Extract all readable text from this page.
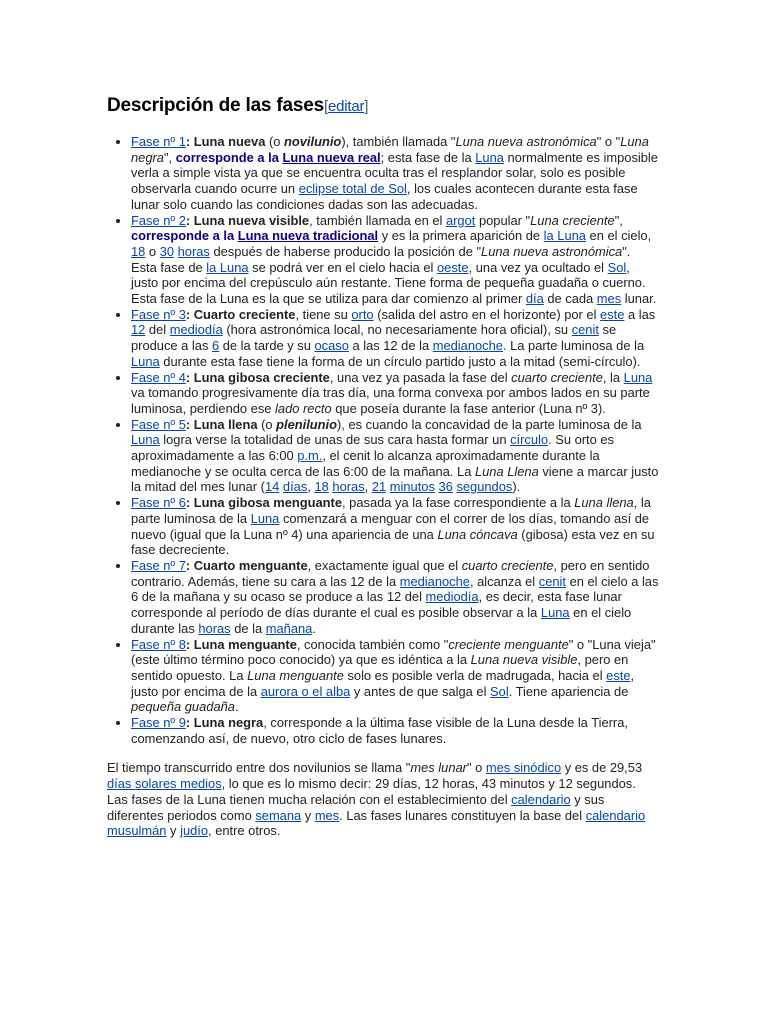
Descripción de las fases[editar]
• Fase nº 1: Luna nueva (o novilunio), también llamada "Luna nueva astronómica" o "Luna negra", corresponde a la Luna nueva real; esta fase de la Luna normalmente es imposible verla a simple vista ya que se encuentra oculta tras el resplandor solar, solo es posible observarla cuando ocurre un eclipse total de Sol, los cuales acontecen durante esta fase lunar solo cuando las condiciones dadas son las adecuadas.
• Fase nº 2: Luna nueva visible, también llamada en el argot popular "Luna creciente", corresponde a la Luna nueva tradicional y es la primera aparición de la Luna en el cielo, 18 o 30 horas después de haberse producido la posición de "Luna nueva astronómica". Esta fase de la Luna se podrá ver en el cielo hacia el oeste, una vez ya ocultado el Sol, justo por encima del crepúsculo aún restante. Tiene forma de pequeña guadaña o cuerno. Esta fase de la Luna es la que se utiliza para dar comienzo al primer día de cada mes lunar.
• Fase nº 3: Cuarto creciente, tiene su orto (salida del astro en el horizonte) por el este a las 12 del mediodía (hora astronómica local, no necesariamente hora oficial), su cenit se produce a las 6 de la tarde y su ocaso a las 12 de la medianoche. La parte luminosa de la Luna durante esta fase tiene la forma de un círculo partido justo a la mitad (semi-círculo).
• Fase nº 4: Luna gibosa creciente, una vez ya pasada la fase del cuarto creciente, la Luna va tomando progresivamente día tras día, una forma convexa por ambos lados en su parte luminosa, perdiendo ese lado recto que poseía durante la fase anterior (Luna nº 3).
• Fase nº 5: Luna llena (o plenilunio), es cuando la concavidad de la parte luminosa de la Luna logra verse la totalidad de unas de sus cara hasta formar un círculo. Su orto es aproximadamente a las 6:00 p.m., el cenit lo alcanza aproximadamente durante la medianoche y se oculta cerca de las 6:00 de la mañana. La Luna Llena viene a marcar justo la mitad del mes lunar (14 días, 18 horas, 21 minutos 36 segundos).
• Fase nº 6: Luna gibosa menguante, pasada ya la fase correspondiente a la Luna llena, la parte luminosa de la Luna comenzará a menguar con el correr de los días, tomando así de nuevo (igual que la Luna nº 4) una apariencia de una Luna cóncava (gibosa) esta vez en su fase decreciente.
• Fase nº 7: Cuarto menguante, exactamente igual que el cuarto creciente, pero en sentido contrario. Además, tiene su cara a las 12 de la medianoche, alcanza el cenit en el cielo a las 6 de la mañana y su ocaso se produce a las 12 del mediodía, es decir, esta fase lunar corresponde al período de días durante el cual es posible observar a la Luna en el cielo durante las horas de la mañana.
• Fase nº 8: Luna menguante, conocida también como "creciente menguante" o "Luna vieja" (este último término poco conocido) ya que es idéntica a la Luna nueva visible, pero en sentido opuesto. La Luna menguante solo es posible verla de madrugada, hacia el este, justo por encima de la aurora o el alba y antes de que salga el Sol. Tiene apariencia de pequeña guadaña.
• Fase nº 9: Luna negra, corresponde a la última fase visible de la Luna desde la Tierra, comenzando así, de nuevo, otro ciclo de fases lunares.

El tiempo transcurrido entre dos novilunios se llama "mes lunar" o mes sinódico y es de 29,53 días solares medios, lo que es lo mismo decir: 29 días, 12 horas, 43 minutos y 12 segundos. Las fases de la Luna tienen mucha relación con el establecimiento del calendario y sus diferentes periodos como semana y mes. Las fases lunares constituyen la base del calendario musulmán y judío, entre otros.
